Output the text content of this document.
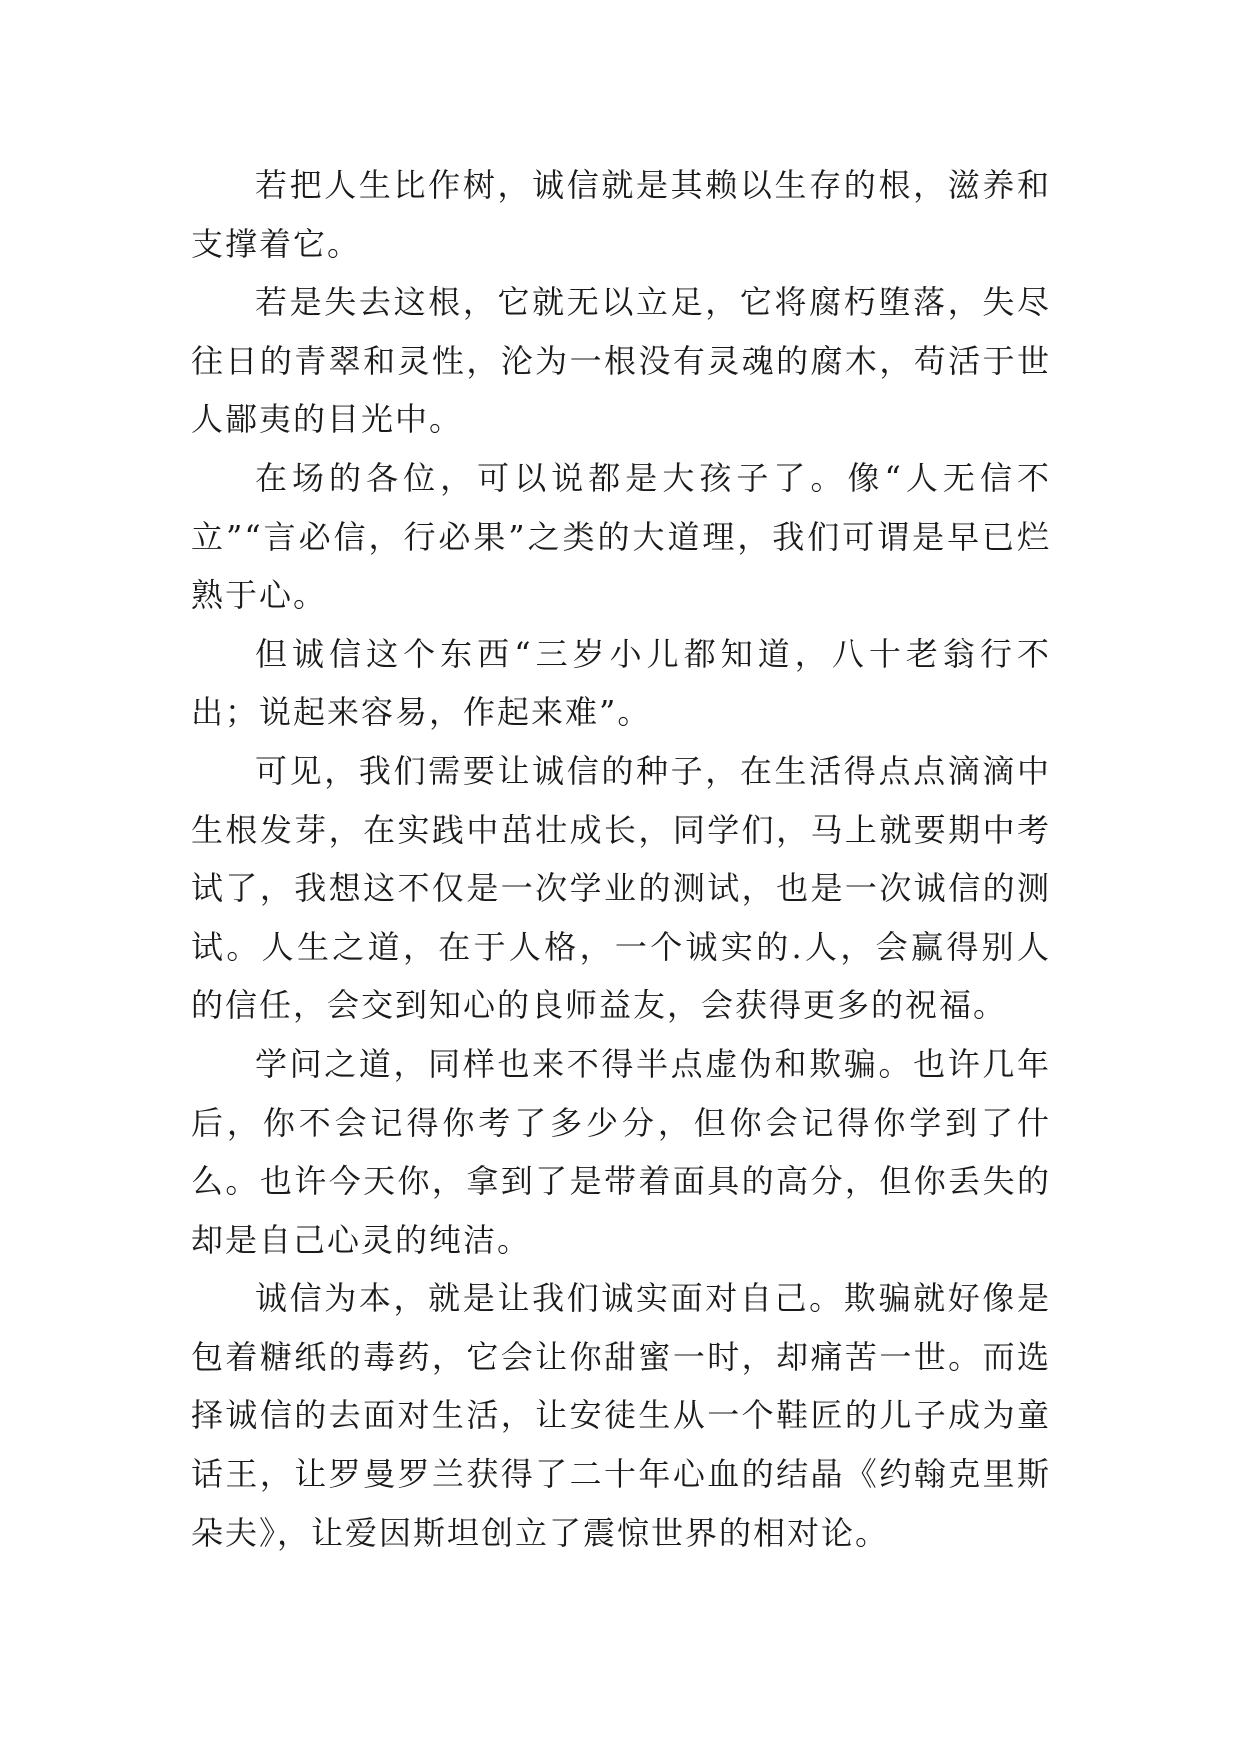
若把人生比作树，诚信就是其赖以生存的根，滋养和支撑着它。

若是失去这根，它就无以立足，它将腐朽堕落，失尽往日的青翠和灵性，沦为一根没有灵魂的腐木，苟活于世人鄙夷的目光中。

在场的各位，可以说都是大孩子了。像“人无信不立”“言必信，行必果”之类的大道理，我们可谓是早已烂熟于心。

但诚信这个东西“三岁小儿都知道，八十老翁行不出；说起来容易，作起来难”。

可见，我们需要让诚信的种子，在生活得点点滴滴中生根发芽，在实践中茁壮成长，同学们，马上就要期中考试了，我想这不仅是一次学业的测试，也是一次诚信的测试。人生之道，在于人格，一个诚实的.人，会赢得别人的信任，会交到知心的良师益友，会获得更多的祝福。

学问之道，同样也来不得半点虚伪和欺骗。也许几年后，你不会记得你考了多少分，但你会记得你学到了什么。也许今天你，拿到了是带着面具的高分，但你丢失的却是自己心灵的纯洁。

诚信为本，就是让我们诚实面对自己。欺骗就好像是包着糖纸的毒药，它会让你甜蜜一时，却痛苦一世。而选择诚信的去面对生活，让安徒生从一个鞋匠的儿子成为童话王，让罗曼罗兰获得了二十年心血的结晶《约翰克里斯朵夫》，让爱因斯坦创立了震惊世界的相对论。
